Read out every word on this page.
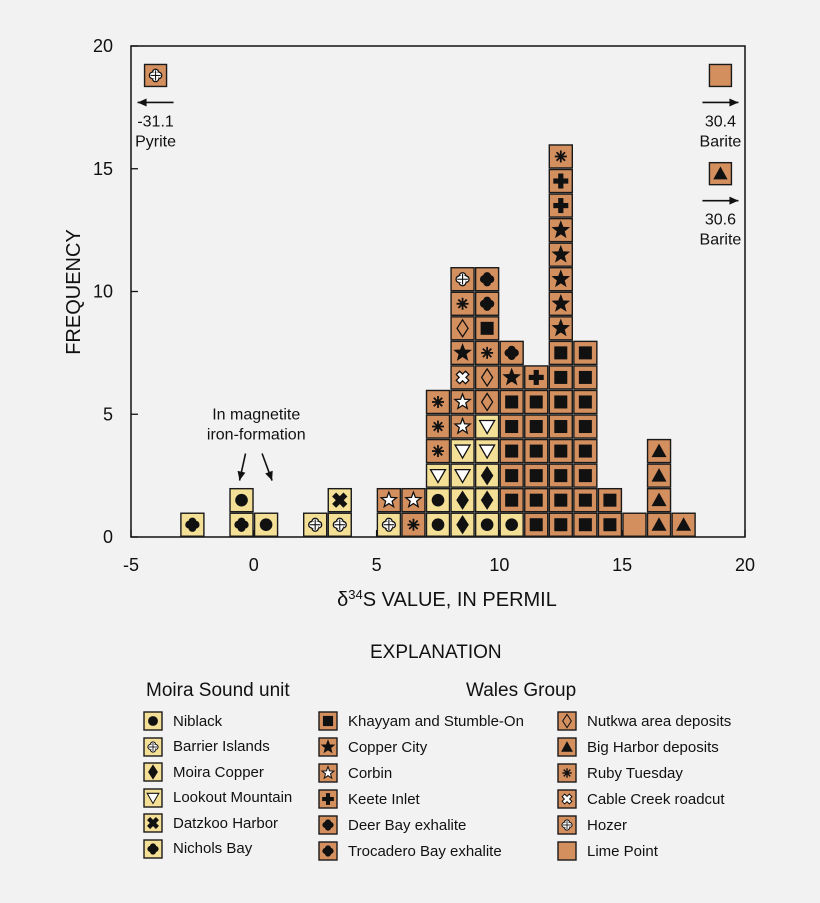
-5	0	5	10	15	20
0
5
10
15
20
In magnetite
iron-formation
-31.1
Pyrite
30.4
Barite
30.6
Barite
$\delta^{34}S$ VALUE, IN PERMIL
FREQUENCY
EXPLANATION
Moira Sound unit	Wales Group
Niblack
Barrier Islands
Moira Copper
Lookout Mountain
Datzkoo Harbor
Nichols Bay
Khayyam and Stumble-On
Copper City
Corbin
Keete Inlet
Deer Bay exhalite
Trocadero Bay exhalite
Nutkwa area deposits
Big Harbor deposits
Ruby Tuesday
Cable Creek roadcut
Hozer
Lime Point
